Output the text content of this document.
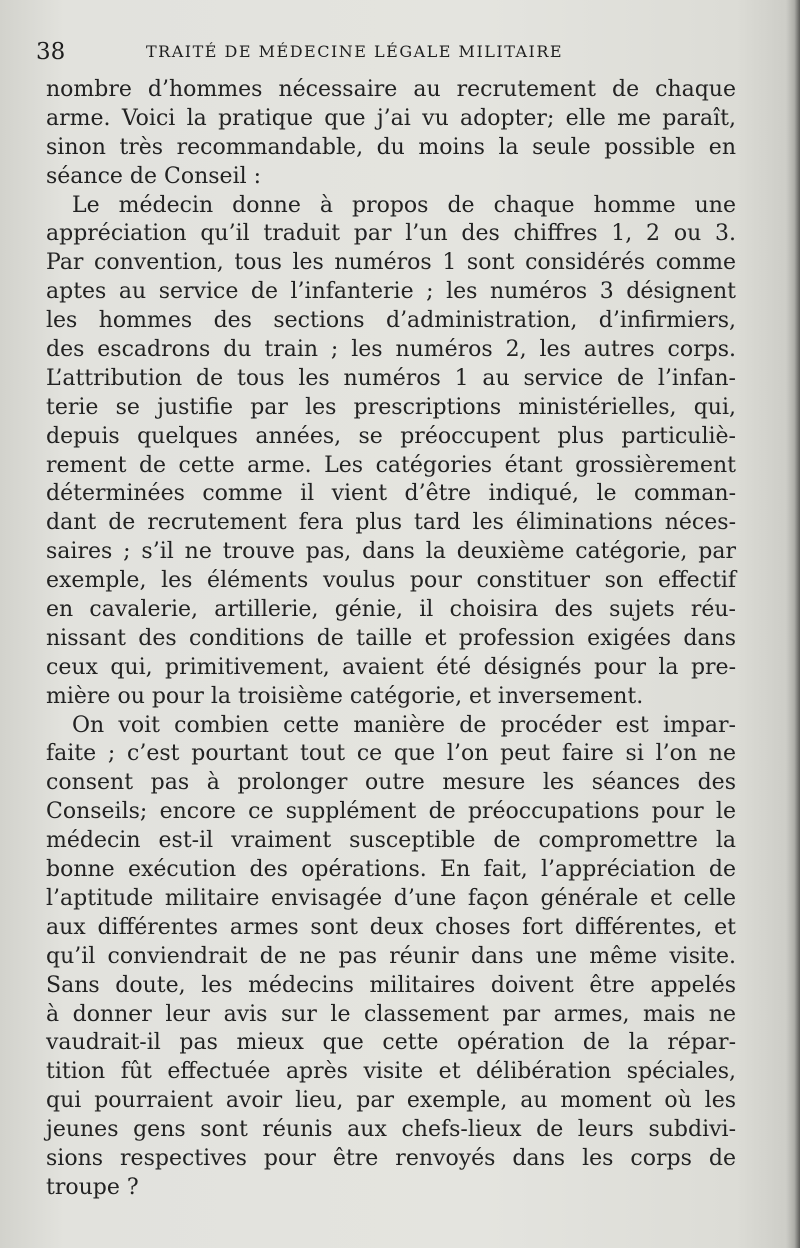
38	TRAITÉ DE MÉDECINE LÉGALE MILITAIRE
nombre d’hommes nécessaire au recrutement de chaque
arme. Voici la pratique que j’ai vu adopter; elle me paraît,
sinon très recommandable, du moins la seule possible en
séance de Conseil :
Le médecin donne à propos de chaque homme une
appréciation qu’il traduit par l’un des chiffres 1, 2 ou 3.
Par convention, tous les numéros 1 sont considérés comme
aptes au service de l’infanterie ; les numéros 3 désignent
les hommes des sections d’administration, d’infirmiers,
des escadrons du train ; les numéros 2, les autres corps.
L’attribution de tous les numéros 1 au service de l’infan-
terie se justifie par les prescriptions ministérielles, qui,
depuis quelques années, se préoccupent plus particuliè-
rement de cette arme. Les catégories étant grossièrement
déterminées comme il vient d’être indiqué, le comman-
dant de recrutement fera plus tard les éliminations néces-
saires ; s’il ne trouve pas, dans la deuxième catégorie, par
exemple, les éléments voulus pour constituer son effectif
en cavalerie, artillerie, génie, il choisira des sujets réu-
nissant des conditions de taille et profession exigées dans
ceux qui, primitivement, avaient été désignés pour la pre-
mière ou pour la troisième catégorie, et inversement.
On voit combien cette manière de procéder est impar-
faite ; c’est pourtant tout ce que l’on peut faire si l’on ne
consent pas à prolonger outre mesure les séances des
Conseils; encore ce supplément de préoccupations pour le
médecin est-il vraiment susceptible de compromettre la
bonne exécution des opérations. En fait, l’appréciation de
l’aptitude militaire envisagée d’une façon générale et celle
aux différentes armes sont deux choses fort différentes, et
qu’il conviendrait de ne pas réunir dans une même visite.
Sans doute, les médecins militaires doivent être appelés
à donner leur avis sur le classement par armes, mais ne
vaudrait-il pas mieux que cette opération de la répar-
tition fût effectuée après visite et délibération spéciales,
qui pourraient avoir lieu, par exemple, au moment où les
jeunes gens sont réunis aux chefs-lieux de leurs subdivi-
sions respectives pour être renvoyés dans les corps de
troupe ?
